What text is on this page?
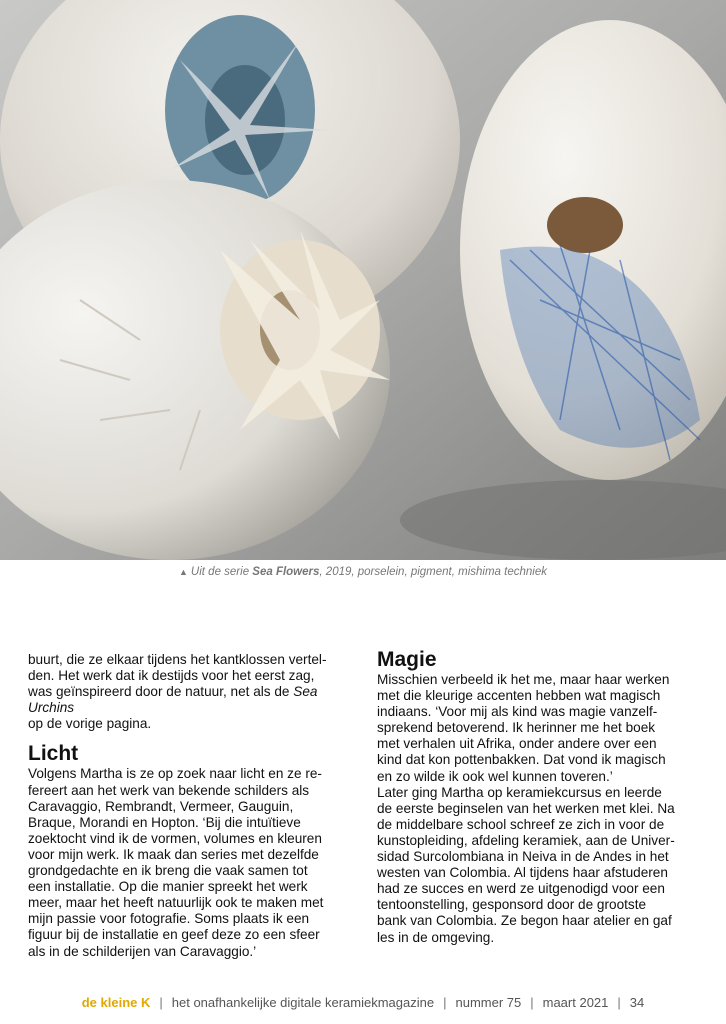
▲ Uit de serie Sea Flowers, 2019, porselein, pigment, mishima techniek

buurt, die ze elkaar tijdens het kantklossen vertel-
den. Het werk dat ik destijds voor het eerst zag,
was geïnspireerd door de natuur, net als de Sea Urchins
op de vorige pagina.

Licht

Volgens Martha is ze op zoek naar licht en ze re-
fereert aan het werk van bekende schilders als
Caravaggio, Rembrandt, Vermeer, Gauguin,
Braque, Morandi en Hopton. ‘Bij die intuïtieve
zoektocht vind ik de vormen, volumes en kleuren
voor mijn werk. Ik maak dan series met dezelfde
grondgedachte en ik breng die vaak samen tot
een installatie. Op die manier spreekt het werk
meer, maar het heeft natuurlijk ook te maken met
mijn passie voor fotografie. Soms plaats ik een
figuur bij de installatie en geef deze zo een sfeer
als in de schilderijen van Caravaggio.’

Magie

Misschien verbeeld ik het me, maar haar werken
met die kleurige accenten hebben wat magisch
indiaans. ‘Voor mij als kind was magie vanzelf-
sprekend betoverend. Ik herinner me het boek
met verhalen uit Afrika, onder andere over een
kind dat kon pottenbakken. Dat vond ik magisch
en zo wilde ik ook wel kunnen toveren.’
Later ging Martha op keramiekcursus en leerde
de eerste beginselen van het werken met klei. Na
de middelbare school schreef ze zich in voor de
kunstopleiding, afdeling keramiek, aan de Univer-
sidad Surcolombiana in Neiva in de Andes in het
westen van Colombia. Al tijdens haar afstuderen
had ze succes en werd ze uitgenodigd voor een
tentoonstelling, gesponsord door de grootste
bank van Colombia. Ze begon haar atelier en gaf
les in de omgeving.

de kleine K | het onafhankelijke digitale keramiekmagazine | nummer 75 | maart 2021 | 34
